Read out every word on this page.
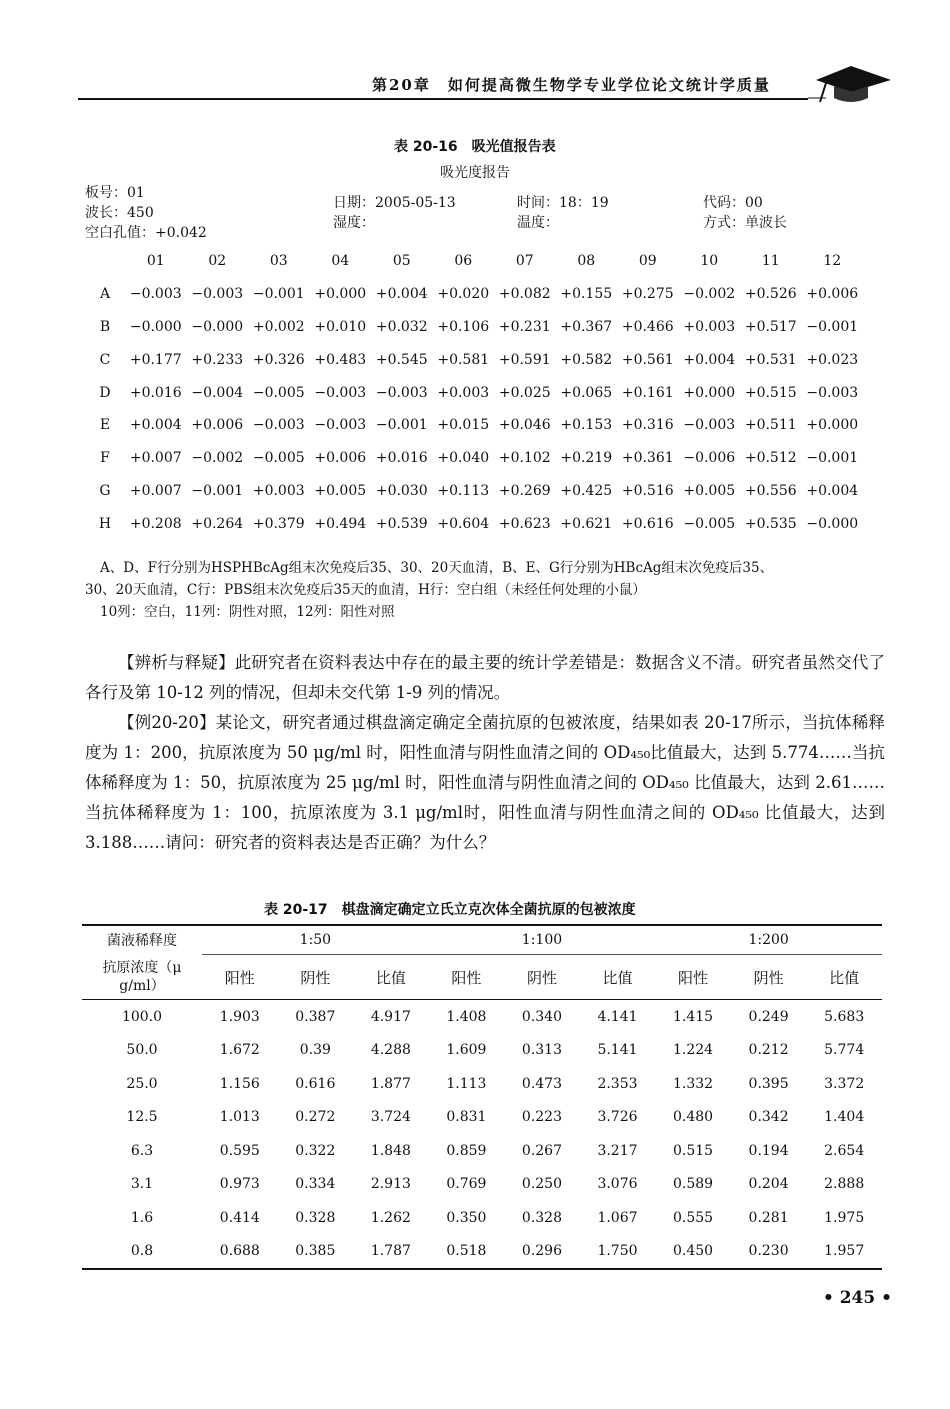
第20章　如何提高微生物学专业学位论文统计学质量
表 20-16　吸光值报告表
吸光度报告
板号：01
波长：450
空白孔值：+0.042
日期：2005-05-13
湿度：
时间：18：19
温度：
代码：00
方式：单波长
	01	02	03	04	05	06	07	08	09	10	11	12
A	−0.003	−0.003	−0.001	+0.000	+0.004	+0.020	+0.082	+0.155	+0.275	−0.002	+0.526	+0.006
B	−0.000	−0.000	+0.002	+0.010	+0.032	+0.106	+0.231	+0.367	+0.466	+0.003	+0.517	−0.001
C	+0.177	+0.233	+0.326	+0.483	+0.545	+0.581	+0.591	+0.582	+0.561	+0.004	+0.531	+0.023
D	+0.016	−0.004	−0.005	−0.003	−0.003	+0.003	+0.025	+0.065	+0.161	+0.000	+0.515	−0.003
E	+0.004	+0.006	−0.003	−0.003	−0.001	+0.015	+0.046	+0.153	+0.316	−0.003	+0.511	+0.000
F	+0.007	−0.002	−0.005	+0.006	+0.016	+0.040	+0.102	+0.219	+0.361	−0.006	+0.512	−0.001
G	+0.007	−0.001	+0.003	+0.005	+0.030	+0.113	+0.269	+0.425	+0.516	+0.005	+0.556	+0.004
H	+0.208	+0.264	+0.379	+0.494	+0.539	+0.604	+0.623	+0.621	+0.616	−0.005	+0.535	−0.000
A、D、F行分别为HSPHBcAg组末次免疫后35、30、20天血清，B、E、G行分别为HBcAg组末次免疫后35、
30、20天血清，C行：PBS组末次免疫后35天的血清，H行：空白组（未经任何处理的小鼠）
10列：空白，11列：阴性对照，12列：阳性对照

【辨析与释疑】此研究者在资料表达中存在的最主要的统计学差错是：数据含义不清。研究者虽然交代了各行及第 10-12 列的情况，但却未交代第 1-9 列的情况。

【例20-20】某论文，研究者通过棋盘滴定确定全菌抗原的包被浓度，结果如表 20-17所示，当抗体稀释度为 1：200，抗原浓度为 50 μg/ml 时，阳性血清与阴性血清之间的 OD₄₅₀比值最大，达到 5.774……当抗体稀释度为 1：50，抗原浓度为 25 μg/ml 时，阳性血清与阴性血清之间的 OD₄₅₀ 比值最大，达到 2.61……当抗体稀释度为 1：100，抗原浓度为 3.1 μg/ml时，阳性血清与阴性血清之间的 OD₄₅₀ 比值最大，达到 3.188……请问：研究者的资料表达是否正确？为什么？

表 20-17　棋盘滴定确定立氏立克次体全菌抗原的包被浓度
菌液稀释度	1:50			1:100			1:200		
抗原浓度（μ g/ml）	阳性	阴性	比值	阳性	阴性	比值	阳性	阴性	比值
100.0	1.903	0.387	4.917	1.408	0.340	4.141	1.415	0.249	5.683
50.0	1.672	0.39	4.288	1.609	0.313	5.141	1.224	0.212	5.774
25.0	1.156	0.616	1.877	1.113	0.473	2.353	1.332	0.395	3.372
12.5	1.013	0.272	3.724	0.831	0.223	3.726	0.480	0.342	1.404
6.3	0.595	0.322	1.848	0.859	0.267	3.217	0.515	0.194	2.654
3.1	0.973	0.334	2.913	0.769	0.250	3.076	0.589	0.204	2.888
1.6	0.414	0.328	1.262	0.350	0.328	1.067	0.555	0.281	1.975
0.8	0.688	0.385	1.787	0.518	0.296	1.750	0.450	0.230	1.957
• 245 •
